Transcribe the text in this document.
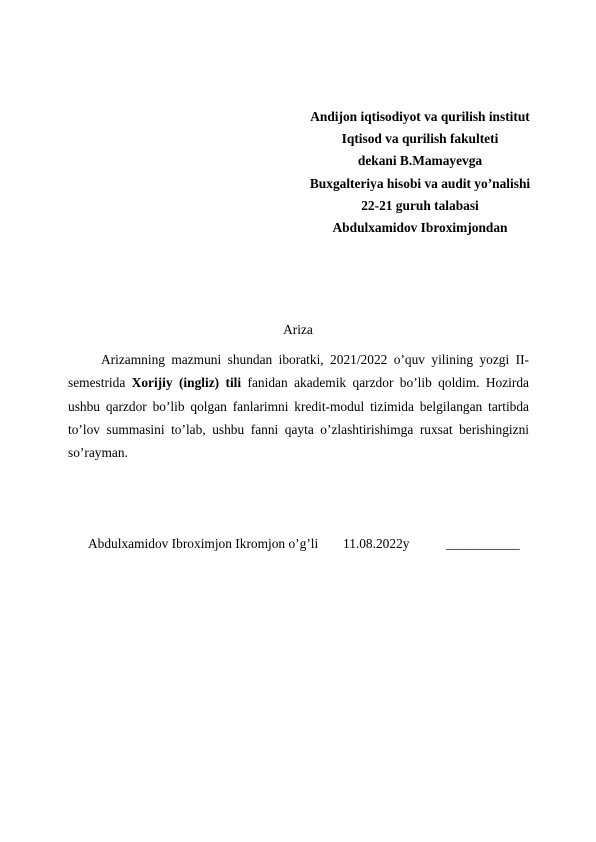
Andijon iqtisodiyot va qurilish institut
Iqtisod va qurilish fakulteti
dekani B.Mamayevga
Buxgalteriya hisobi va audit yo’nalishi
22-21 guruh talabasi
Abdulxamidov Ibroximjondan
Ariza

Arizamning mazmuni shundan iboratki, 2021/2022 o’quv yilining yozgi II-semestrida Xorijiy (ingliz) tili fanidan akademik qarzdor bo’lib qoldim. Hozirda ushbu qarzdor bo’lib qolgan fanlarimni kredit-modul tizimida belgilangan tartibda to’lov summasini to’lab, ushbu fanni qayta o’zlashtirishimga ruxsat berishingizni so’rayman.

Abdulxamidov Ibroximjon Ikromjon o’g’li 11.08.2022y	___________
